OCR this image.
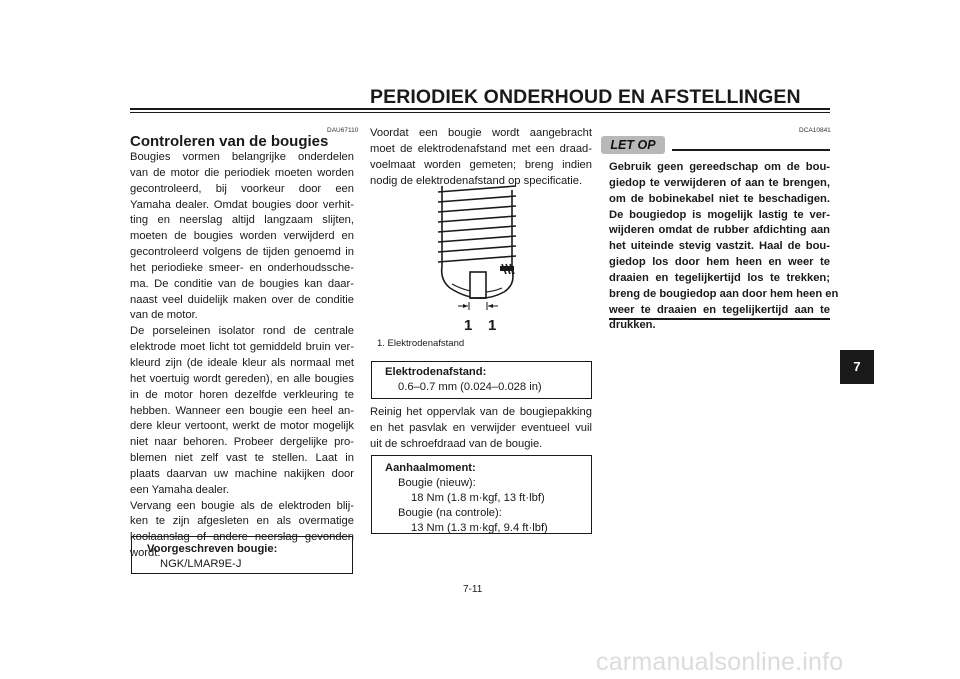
PERIODIEK ONDERHOUD EN AFSTELLINGEN
DAU67110
Controleren van de bougies
Bougies vormen belangrijke onderdelen
van de motor die periodiek moeten worden
gecontroleerd, bij voorkeur door een
Yamaha dealer. Omdat bougies door verhit-
ting en neerslag altijd langzaam slijten,
moeten de bougies worden verwijderd en
gecontroleerd volgens de tijden genoemd in
het periodieke smeer- en onderhoudssche-
ma. De conditie van de bougies kan daar-
naast veel duidelijk maken over de conditie
van de motor.
De porseleinen isolator rond de centrale
elektrode moet licht tot gemiddeld bruin ver-
kleurd zijn (de ideale kleur als normaal met
het voertuig wordt gereden), en alle bougies
in de motor horen dezelfde verkleuring te
hebben. Wanneer een bougie een heel an-
dere kleur vertoont, werkt de motor mogelijk
niet naar behoren. Probeer dergelijke pro-
blemen niet zelf vast te stellen. Laat in
plaats daarvan uw machine nakijken door
een Yamaha dealer.
Vervang een bougie als de elektroden blij-
ken te zijn afgesleten en als overmatige
koolaanslag of andere neerslag gevonden
wordt.
Voorgeschreven bougie:
NGK/LMAR9E-J
Voordat een bougie wordt aangebracht
moet de elektrodenafstand met een draad-
voelmaat worden gemeten; breng indien
nodig de elektrodenafstand op specificatie.
1 1
1. Elektrodenafstand
Elektrodenafstand:
0.6–0.7 mm (0.024–0.028 in)
Reinig het oppervlak van de bougiepakking
en het pasvlak en verwijder eventueel vuil
uit de schroefdraad van de bougie.
Aanhaalmoment:
Bougie (nieuw):
18 Nm (1.8 m·kgf, 13 ft·lbf)
Bougie (na controle):
13 Nm (1.3 m·kgf, 9.4 ft·lbf)
DCA10841
LET OP
Gebruik geen gereedschap om de bou-
giedop te verwijderen of aan te brengen,
om de bobinekabel niet te beschadigen.
De bougiedop is mogelijk lastig te ver-
wijderen omdat de rubber afdichting aan
het uiteinde stevig vastzit. Haal de bou-
giedop los door hem heen en weer te
draaien en tegelijkertijd los te trekken;
breng de bougiedop aan door hem heen en
weer te draaien en tegelijkertijd aan te
drukken.
7
7-11
carmanualsonline.info
